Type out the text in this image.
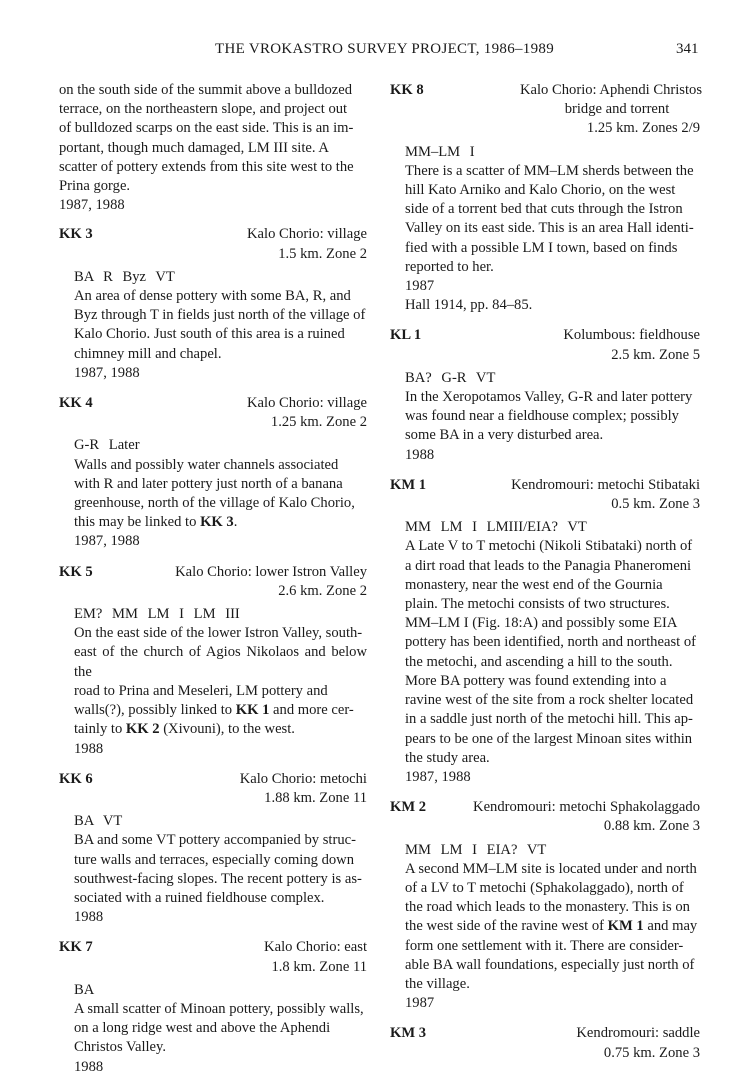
THE VROKASTRO SURVEY PROJECT, 1986–1989	341
on the south side of the summit above a bulldozed
terrace, on the northeastern slope, and project out
of bulldozed scarps on the east side. This is an im-
portant, though much damaged, LM III site. A
scatter of pottery extends from this site west to the
Prina gorge.
1987, 1988
KK 3	Kalo Chorio: village
1.5 km. Zone 2
BA R Byz VT
An area of dense pottery with some BA, R, and
Byz through T in fields just north of the village of
Kalo Chorio. Just south of this area is a ruined
chimney mill and chapel.
1987, 1988
KK 4	Kalo Chorio: village
1.25 km. Zone 2
G-R Later
Walls and possibly water channels associated
with R and later pottery just north of a banana
greenhouse, north of the village of Kalo Chorio,
this may be linked to KK 3.
1987, 1988
KK 5	Kalo Chorio: lower Istron Valley
2.6 km. Zone 2
EM? MM LM I LM III
On the east side of the lower Istron Valley, south-
east of the church of Agios Nikolaos and below the
road to Prina and Meseleri, LM pottery and
walls(?), possibly linked to KK 1 and more cer-
tainly to KK 2 (Xivouni), to the west.
1988
KK 6	Kalo Chorio: metochi
1.88 km. Zone 11
BA VT
BA and some VT pottery accompanied by struc-
ture walls and terraces, especially coming down
southwest-facing slopes. The recent pottery is as-
sociated with a ruined fieldhouse complex.
1988
KK 7	Kalo Chorio: east
1.8 km. Zone 11
BA
A small scatter of Minoan pottery, possibly walls,
on a long ridge west and above the Aphendi
Christos Valley.
1988
KK 8	Kalo Chorio: Aphendi Christos
bridge and torrent
1.25 km. Zones 2/9
MM–LM I
There is a scatter of MM–LM sherds between the
hill Kato Arniko and Kalo Chorio, on the west
side of a torrent bed that cuts through the Istron
Valley on its east side. This is an area Hall identi-
fied with a possible LM I town, based on finds
reported to her.
1987
Hall 1914, pp. 84–85.
KL 1	Kolumbous: fieldhouse
2.5 km. Zone 5
BA? G-R VT
In the Xeropotamos Valley, G-R and later pottery
was found near a fieldhouse complex; possibly
some BA in a very disturbed area.
1988
KM 1	Kendromouri: metochi Stibataki
0.5 km. Zone 3
MM LM I LMIII/EIA? VT
A Late V to T metochi (Nikoli Stibataki) north of
a dirt road that leads to the Panagia Phaneromeni
monastery, near the west end of the Gournia
plain. The metochi consists of two structures.
MM–LM I (Fig. 18:A) and possibly some EIA
pottery has been identified, north and northeast of
the metochi, and ascending a hill to the south.
More BA pottery was found extending into a
ravine west of the site from a rock shelter located
in a saddle just north of the metochi hill. This ap-
pears to be one of the largest Minoan sites within
the study area.
1987, 1988
KM 2	Kendromouri: metochi Sphakolaggado
0.88 km. Zone 3
MM LM I EIA? VT
A second MM–LM site is located under and north
of a LV to T metochi (Sphakolaggado), north of
the road which leads to the monastery. This is on
the west side of the ravine west of KM 1 and may
form one settlement with it. There are consider-
able BA wall foundations, especially just north of
the village.
1987
KM 3	Kendromouri: saddle
0.75 km. Zone 3
